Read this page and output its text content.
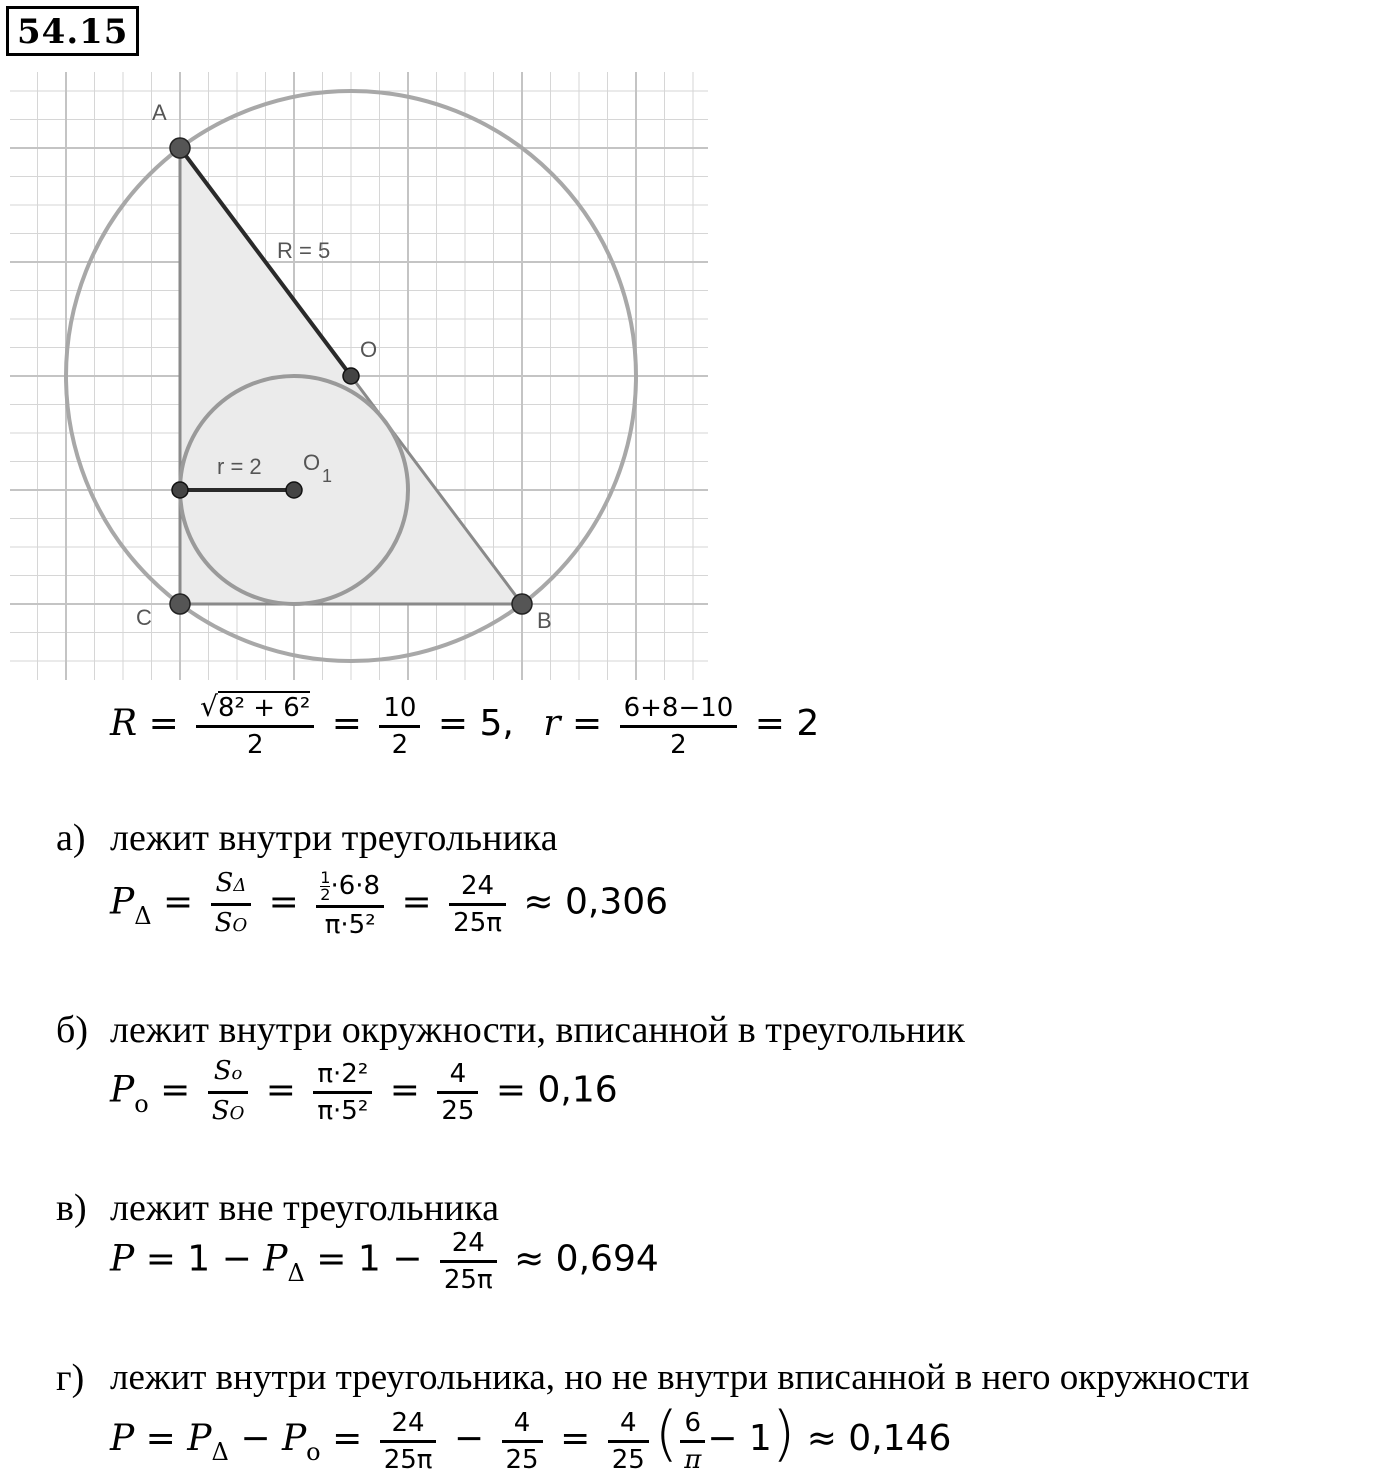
54.15
A
B
C
O
O
1
R = 5
r = 2
$R = \frac{\text{√8² + 6²}}{2} = \frac{10}{2} = 5$, $r = \frac{6+8-10}{2} = 2$
а) лежит внутри треугольника
$P_\Delta = \frac{S\Delta}{SO} = \frac{\frac{1}{2} \cdot 6\cdot 8}{\text{π·5²}} = \frac{24}{25\pi} \approx 0,306$
б) лежит внутри окружности, вписанной в треугольник
$P_o = \frac{So}{SO} = \frac{\text{π·2²}}{\text{π·5²}} = \frac{4}{25} = 0,16$
в) лежит вне треугольника
$P = 1 - P_\Delta = 1 - \frac{24}{25\pi} \approx 0,694$
г) лежит внутри треугольника, но не внутри вписанной в него окружности
$P = P_\Delta - P_o = \frac{24}{25\pi} - \frac{4}{25} = \frac{4}{25}$ ( $\frac{6}{\pi} - 1) \approx 0,146$
